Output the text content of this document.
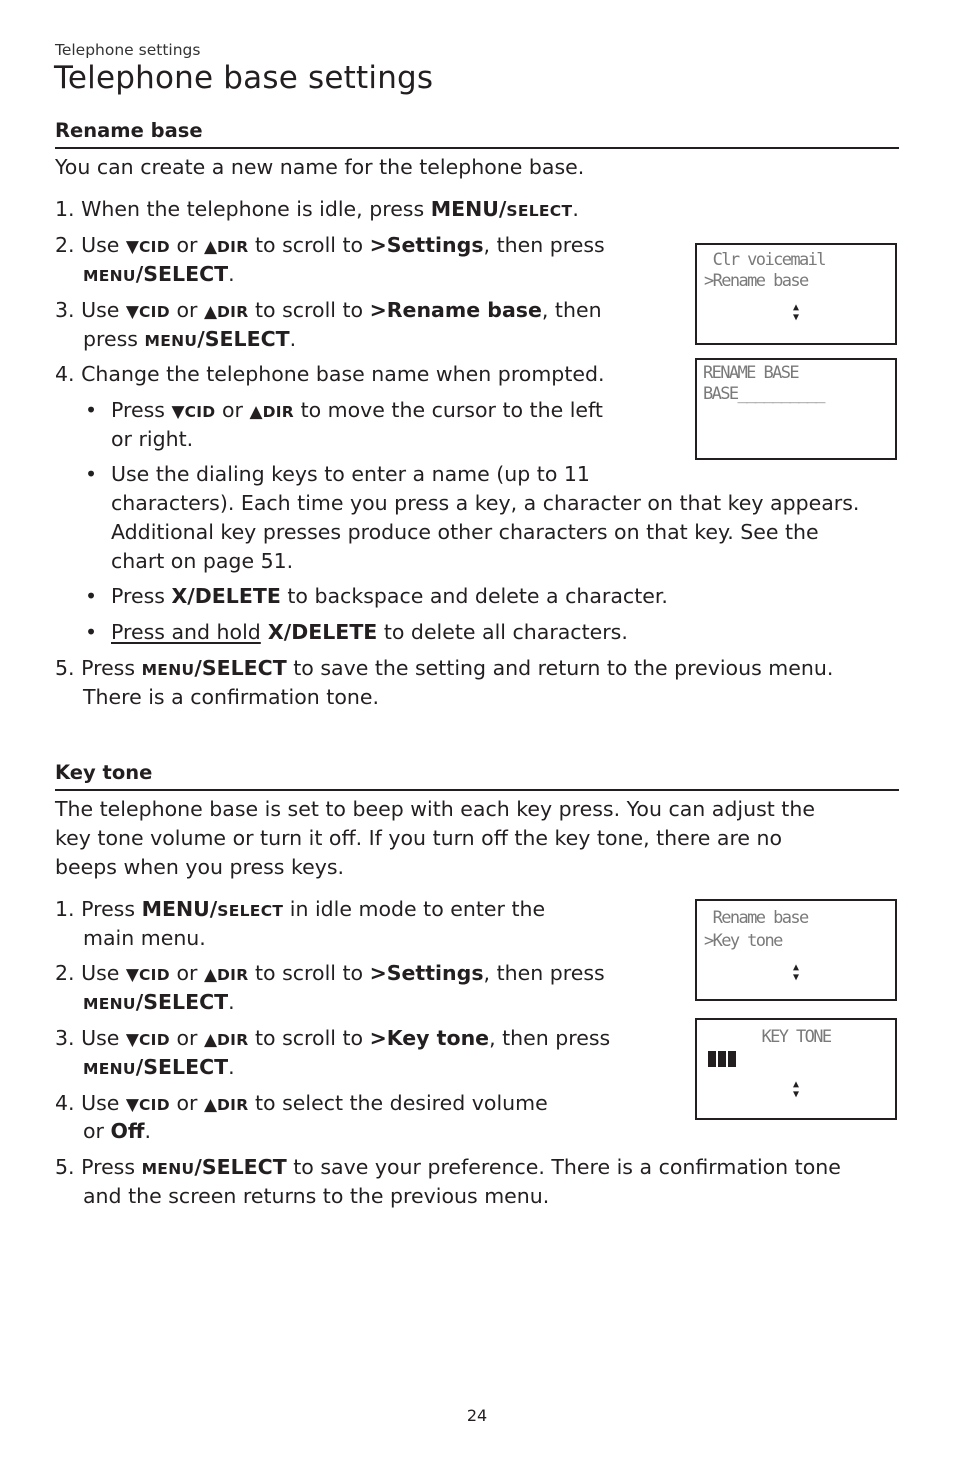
Telephone settings
Telephone base settings
Rename base
You can create a new name for the telephone base.
1. When the telephone is idle, press MENU/SELECT.
2. Use ▼CID or ▲DIR to scroll to >Settings, then press
MENU/SELECT.
3. Use ▼CID or ▲DIR to scroll to >Rename base, then
press MENU/SELECT.
4. Change the telephone base name when prompted.
• Press ▼CID or ▲DIR to move the cursor to the left
or right.
• Use the dialing keys to enter a name (up to 11
characters). Each time you press a key, a character on that key appears.
Additional key presses produce other characters on that key. See the
chart on page 51.
• Press X/DELETE to backspace and delete a character.
• Press and hold X/DELETE to delete all characters.
5. Press MENU/SELECT to save the setting and return to the previous menu.
There is a confirmation tone.
Clr voicemail
>Rename base
▲
▼
RENAME BASE
BASE__________
Key tone
The telephone base is set to beep with each key press. You can adjust the
key tone volume or turn it off. If you turn off the key tone, there are no
beeps when you press keys.
1. Press MENU/SELECT in idle mode to enter the
main menu.
2. Use ▼CID or ▲DIR to scroll to >Settings, then press
MENU/SELECT.
3. Use ▼CID or ▲DIR to scroll to >Key tone, then press
MENU/SELECT.
4. Use ▼CID or ▲DIR to select the desired volume
or Off.
5. Press MENU/SELECT to save your preference. There is a confirmation tone
and the screen returns to the previous menu.
Rename base
>Key tone
▲
▼
KEY TONE
▲
▼
24
